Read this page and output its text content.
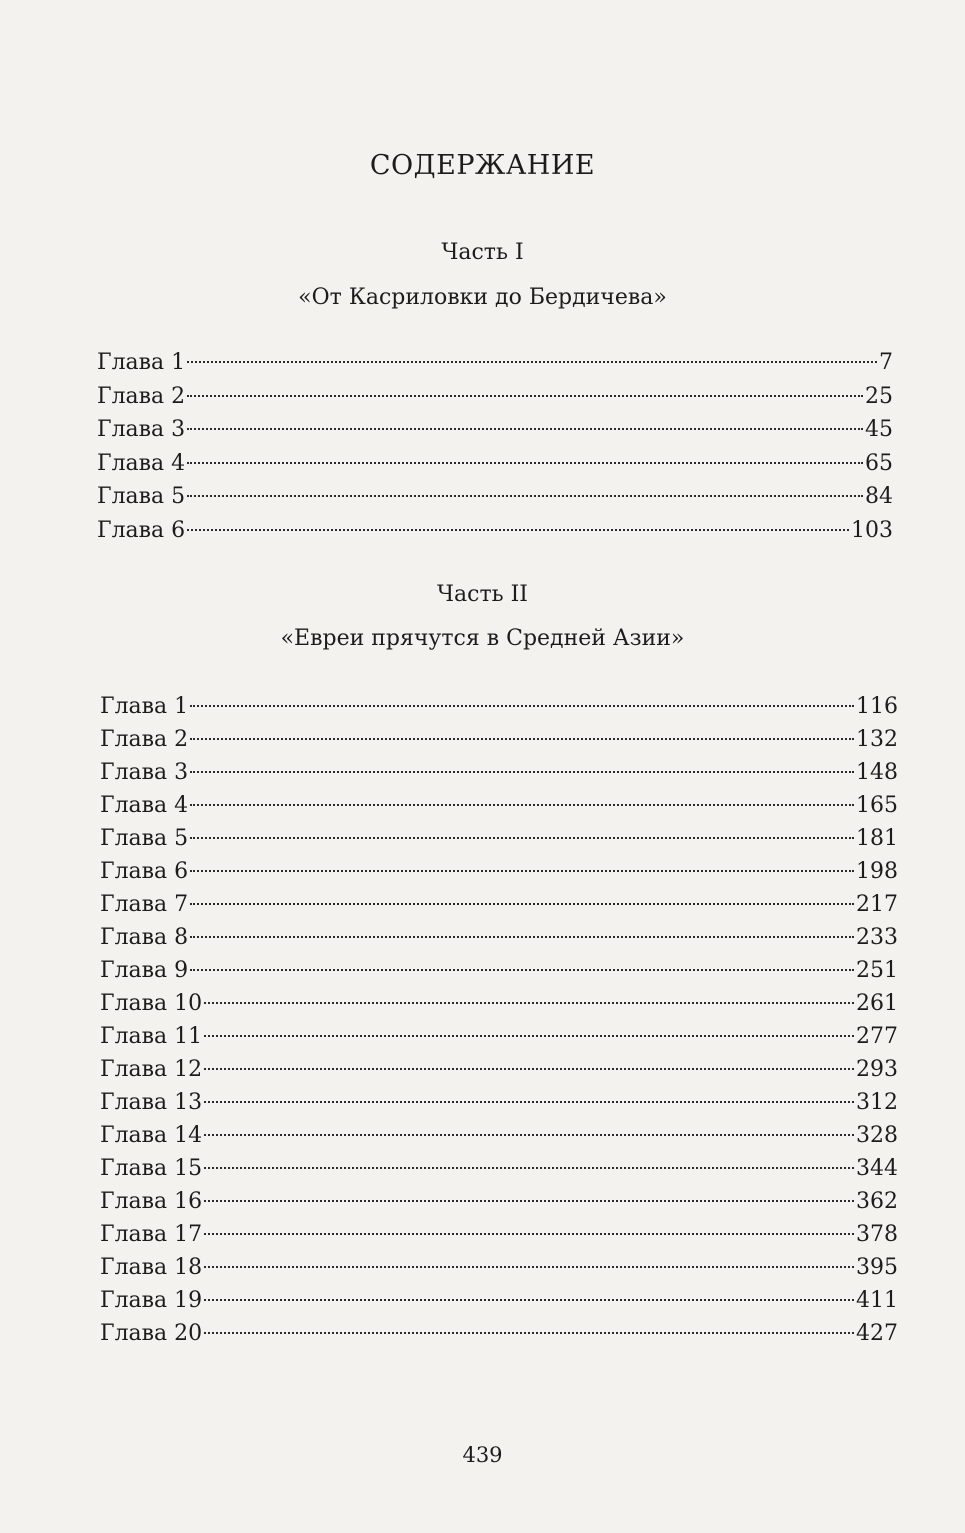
СОДЕРЖАНИЕ
Часть I
«От Касриловки до Бердичева»
Глава 1	7
Глава 2	25
Глава 3	45
Глава 4	65
Глава 5	84
Глава 6	103
Часть II
«Евреи прячутся в Средней Азии»
Глава 1	116
Глава 2	132
Глава 3	148
Глава 4	165
Глава 5	181
Глава 6	198
Глава 7	217
Глава 8	233
Глава 9	251
Глава 10	261
Глава 11	277
Глава 12	293
Глава 13	312
Глава 14	328
Глава 15	344
Глава 16	362
Глава 17	378
Глава 18	395
Глава 19	411
Глава 20	427
439
